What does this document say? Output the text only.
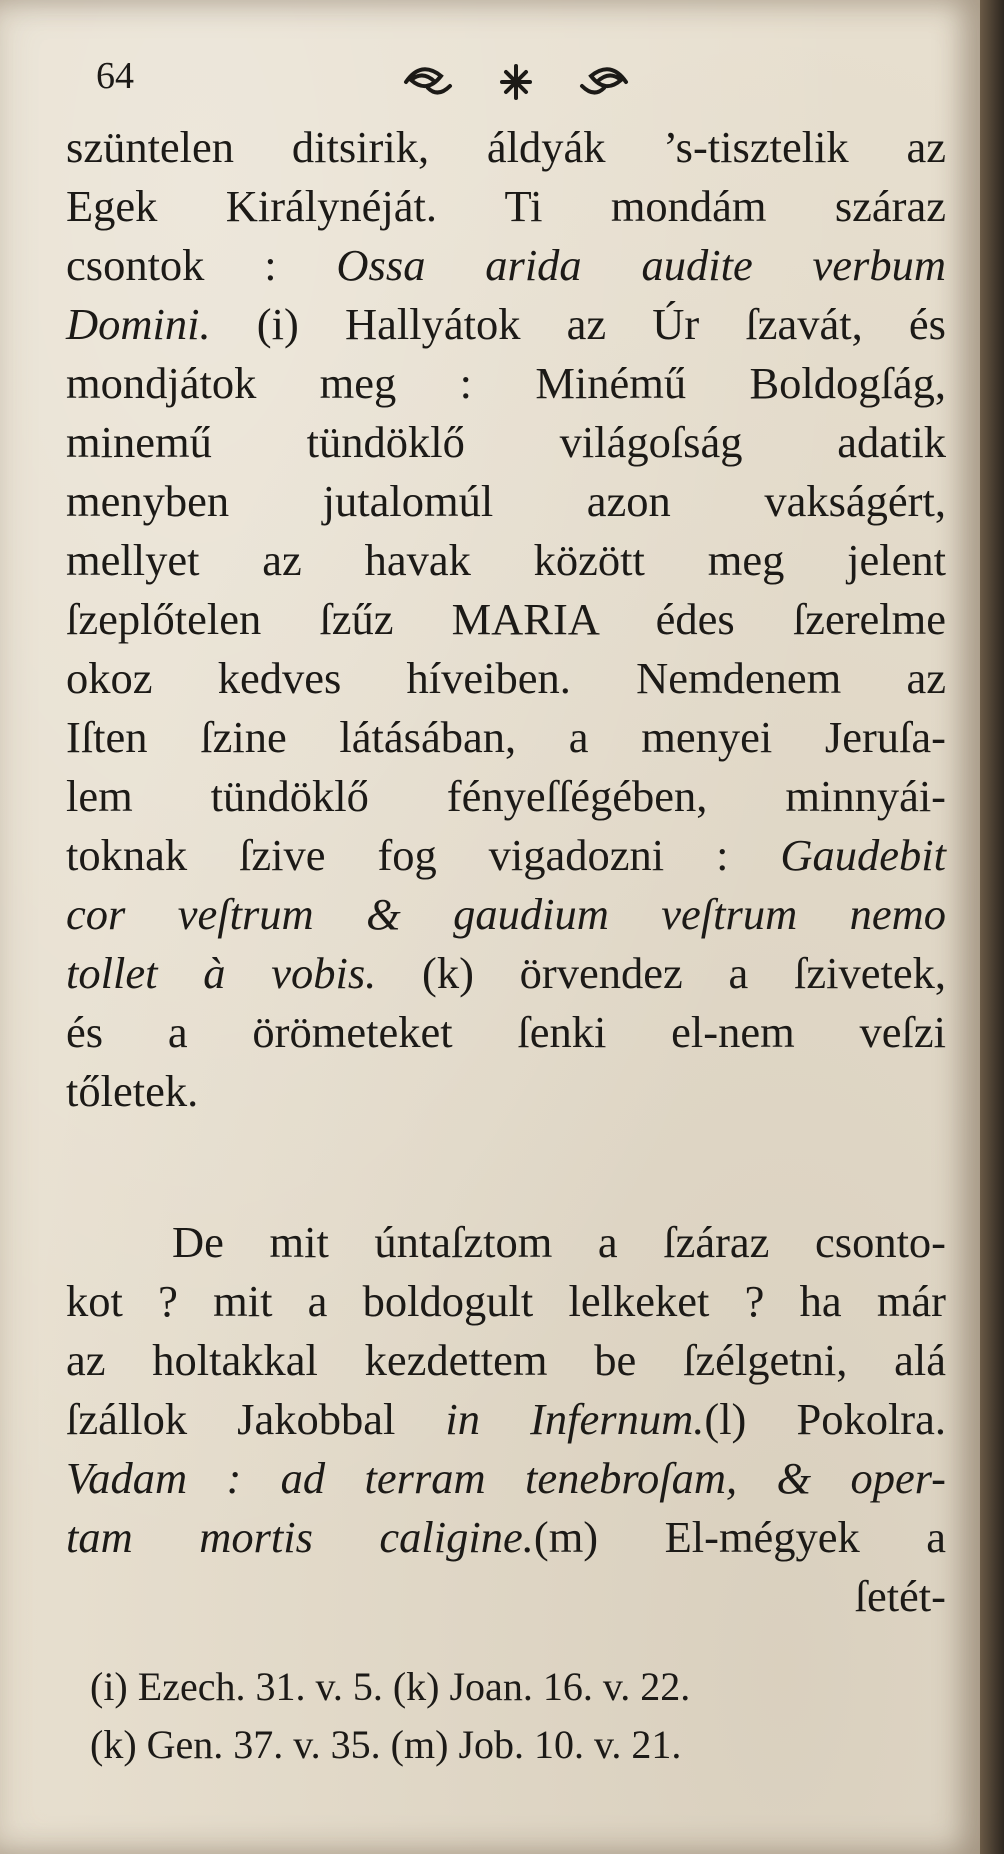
64
szüntelen ditsirik, áldyák ’s-tisztelik az
Egek Királynéját. Ti mondám száraz
csontok : Ossa arida audite verbum
Domini. (i) Hallyátok az Úr ſzavát, és
mondjátok meg : Minémű Boldogſág,
minemű tündöklő világoſság adatik
menyben jutalomúl azon vakságért,
mellyet az havak között meg jelent
ſzeplőtelen ſzűz MARIA édes ſzerelme
okoz kedves híveiben. Nemdenem az
Iſten ſzine látásában, a menyei Jeruſa-
lem tündöklő fényeſſégében, minnyái-
toknak ſzive fog vigadozni : Gaudebit
cor veſtrum & gaudium veſtrum nemo
tollet à vobis. (k) örvendez a ſzivetek,
és a örömeteket ſenki el-nem veſzi
tőletek.
De mit úntaſztom a ſzáraz csonto-
kot ? mit a boldogult lelkeket ? ha már
az holtakkal kezdettem be ſzélgetni, alá
ſzállok Jakobbal in Infernum.(l) Pokolra.
Vadam : ad terram tenebroſam, & oper-
tam mortis caligine.(m) El-mégyek a
ſetét-
(i) Ezech. 31. v. 5. (k) Joan. 16. v. 22.
(k) Gen. 37. v. 35. (m) Job. 10. v. 21.
